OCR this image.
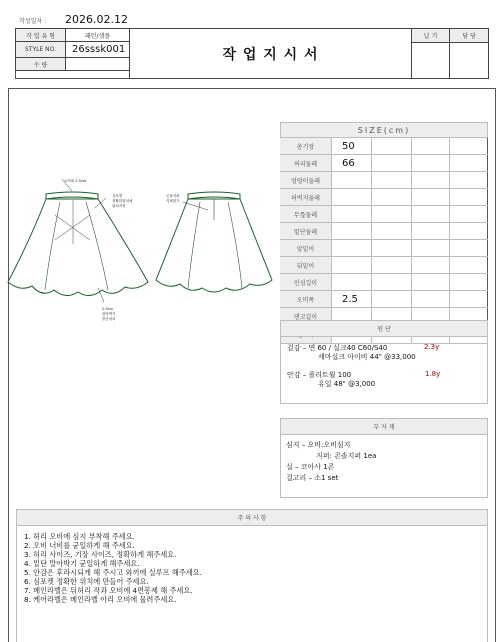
작성일자 : 2026.02.12
작 업 유 형	패턴/샘플
STYLE NO.	26sssk001
수 량
작 업 지 시 서
납 기	담 당
오비폭 2.5cm
심포켓
정확한위치에
위치지정
2.5cm
말아박기
밑단처리
콘솔지퍼
지퍼달기
SIZE(cm)
총기장	50
허리둘레	66
엉덩이둘레
허벅지둘레
무릎둘레
밑단둘레
앞밑이
뒤밑이
인심길이
오비폭	2.5
댄고길이
원 단
겉감 – 면 60 / 실크40 C60/S40	2.3y
세마실크 아이비 44" @33,000
안감 – 폴리트윌 100	1.8y
유일 48" @3,000
부 자 재
심지 – 오비:오비심지
지퍼: 콘솔지퍼 1ea
실 – 코아사 1콘
걸고리 – 소1 set
주 의 사 항
1. 허리 오비에 심지 부착해 주세요.
2. 오비 너비를 균일하게 해 주세요.
3. 허리 사이즈, 기장 사이즈, 정확하게 해주세요.
4. 밑단 말아박기 균일하게 해주세요.
5. 안감은 후라시되게 해 주시고 와끼에 실루프 해주세요.
6. 심포켓 정확한 위치에 만들어 주세요.
7. 메인라벨은 뒤허리 작과 오비에 4면봉제 해 주세요.
8. 케어라벨은 메인라벨 아리 오비에 물려주세요.
